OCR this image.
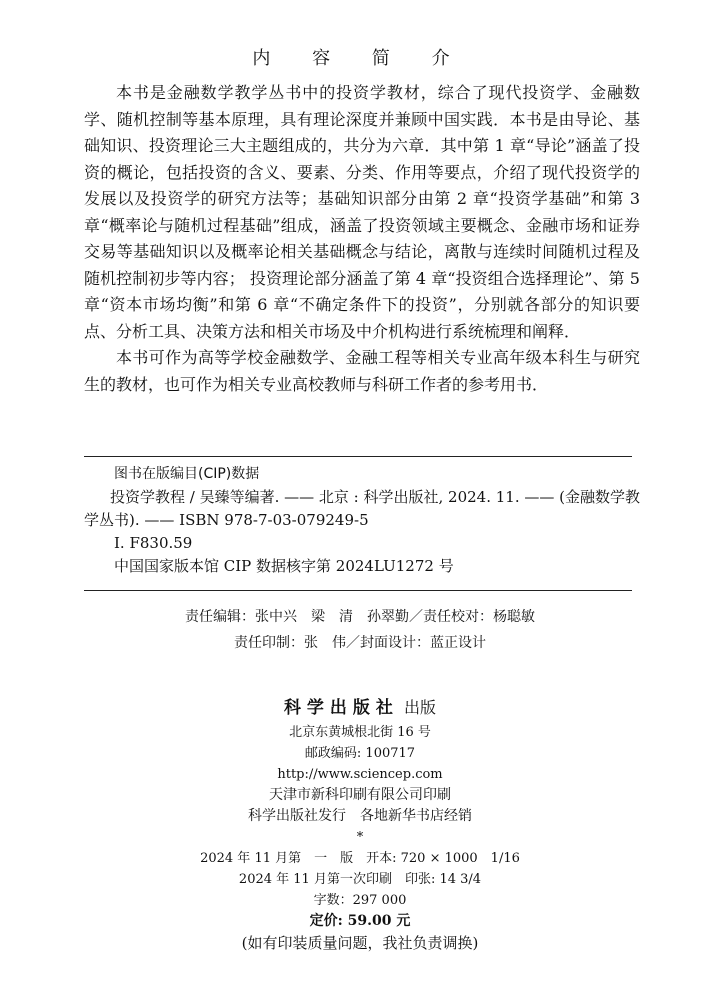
内 容 简 介

本书是金融数学教学丛书中的投资学教材，综合了现代投资学、金融数学、随机控制等基本原理，具有理论深度并兼顾中国实践．本书是由导论、基础知识、投资理论三大主题组成的，共分为六章．其中第 1 章“导论”涵盖了投资的概论，包括投资的含义、要素、分类、作用等要点，介绍了现代投资学的发展以及投资学的研究方法等；基础知识部分由第 2 章“投资学基础”和第 3 章“概率论与随机过程基础”组成，涵盖了投资领域主要概念、金融市场和证券交易等基础知识以及概率论相关基础概念与结论，离散与连续时间随机过程及随机控制初步等内容； 投资理论部分涵盖了第 4 章“投资组合选择理论”、第 5 章“资本市场均衡”和第 6 章“不确定条件下的投资”，分别就各部分的知识要点、分析工具、决策方法和相关市场及中介机构进行系统梳理和阐释．

本书可作为高等学校金融数学、金融工程等相关专业高年级本科生与研究生的教材，也可作为相关专业高校教师与科研工作者的参考用书．

图书在版编目(CIP)数据

投资学教程 / 吴臻等编著. —— 北京 : 科学出版社, 2024. 11. —— (金融数学教学丛书). —— ISBN 978-7-03-079249-5

Ⅰ. F830.59
中国国家版本馆 CIP 数据核字第 2024LU1272 号
责任编辑：张中兴　梁　清　孙翠勤／责任校对：杨聪敏
责任印制：张　伟／封面设计：蓝正设计
科学出版社 出版
北京东黄城根北街 16 号
邮政编码: 100717
http://www.sciencep.com
天津市新科印刷有限公司印刷
科学出版社发行　各地新华书店经销
*
2024 年 11 月第　一　版　开本: 720 × 1000　1/16
2024 年 11 月第一次印刷　印张: 14 3/4
字数：297 000
定价: 59.00 元
(如有印装质量问题，我社负责调换)
